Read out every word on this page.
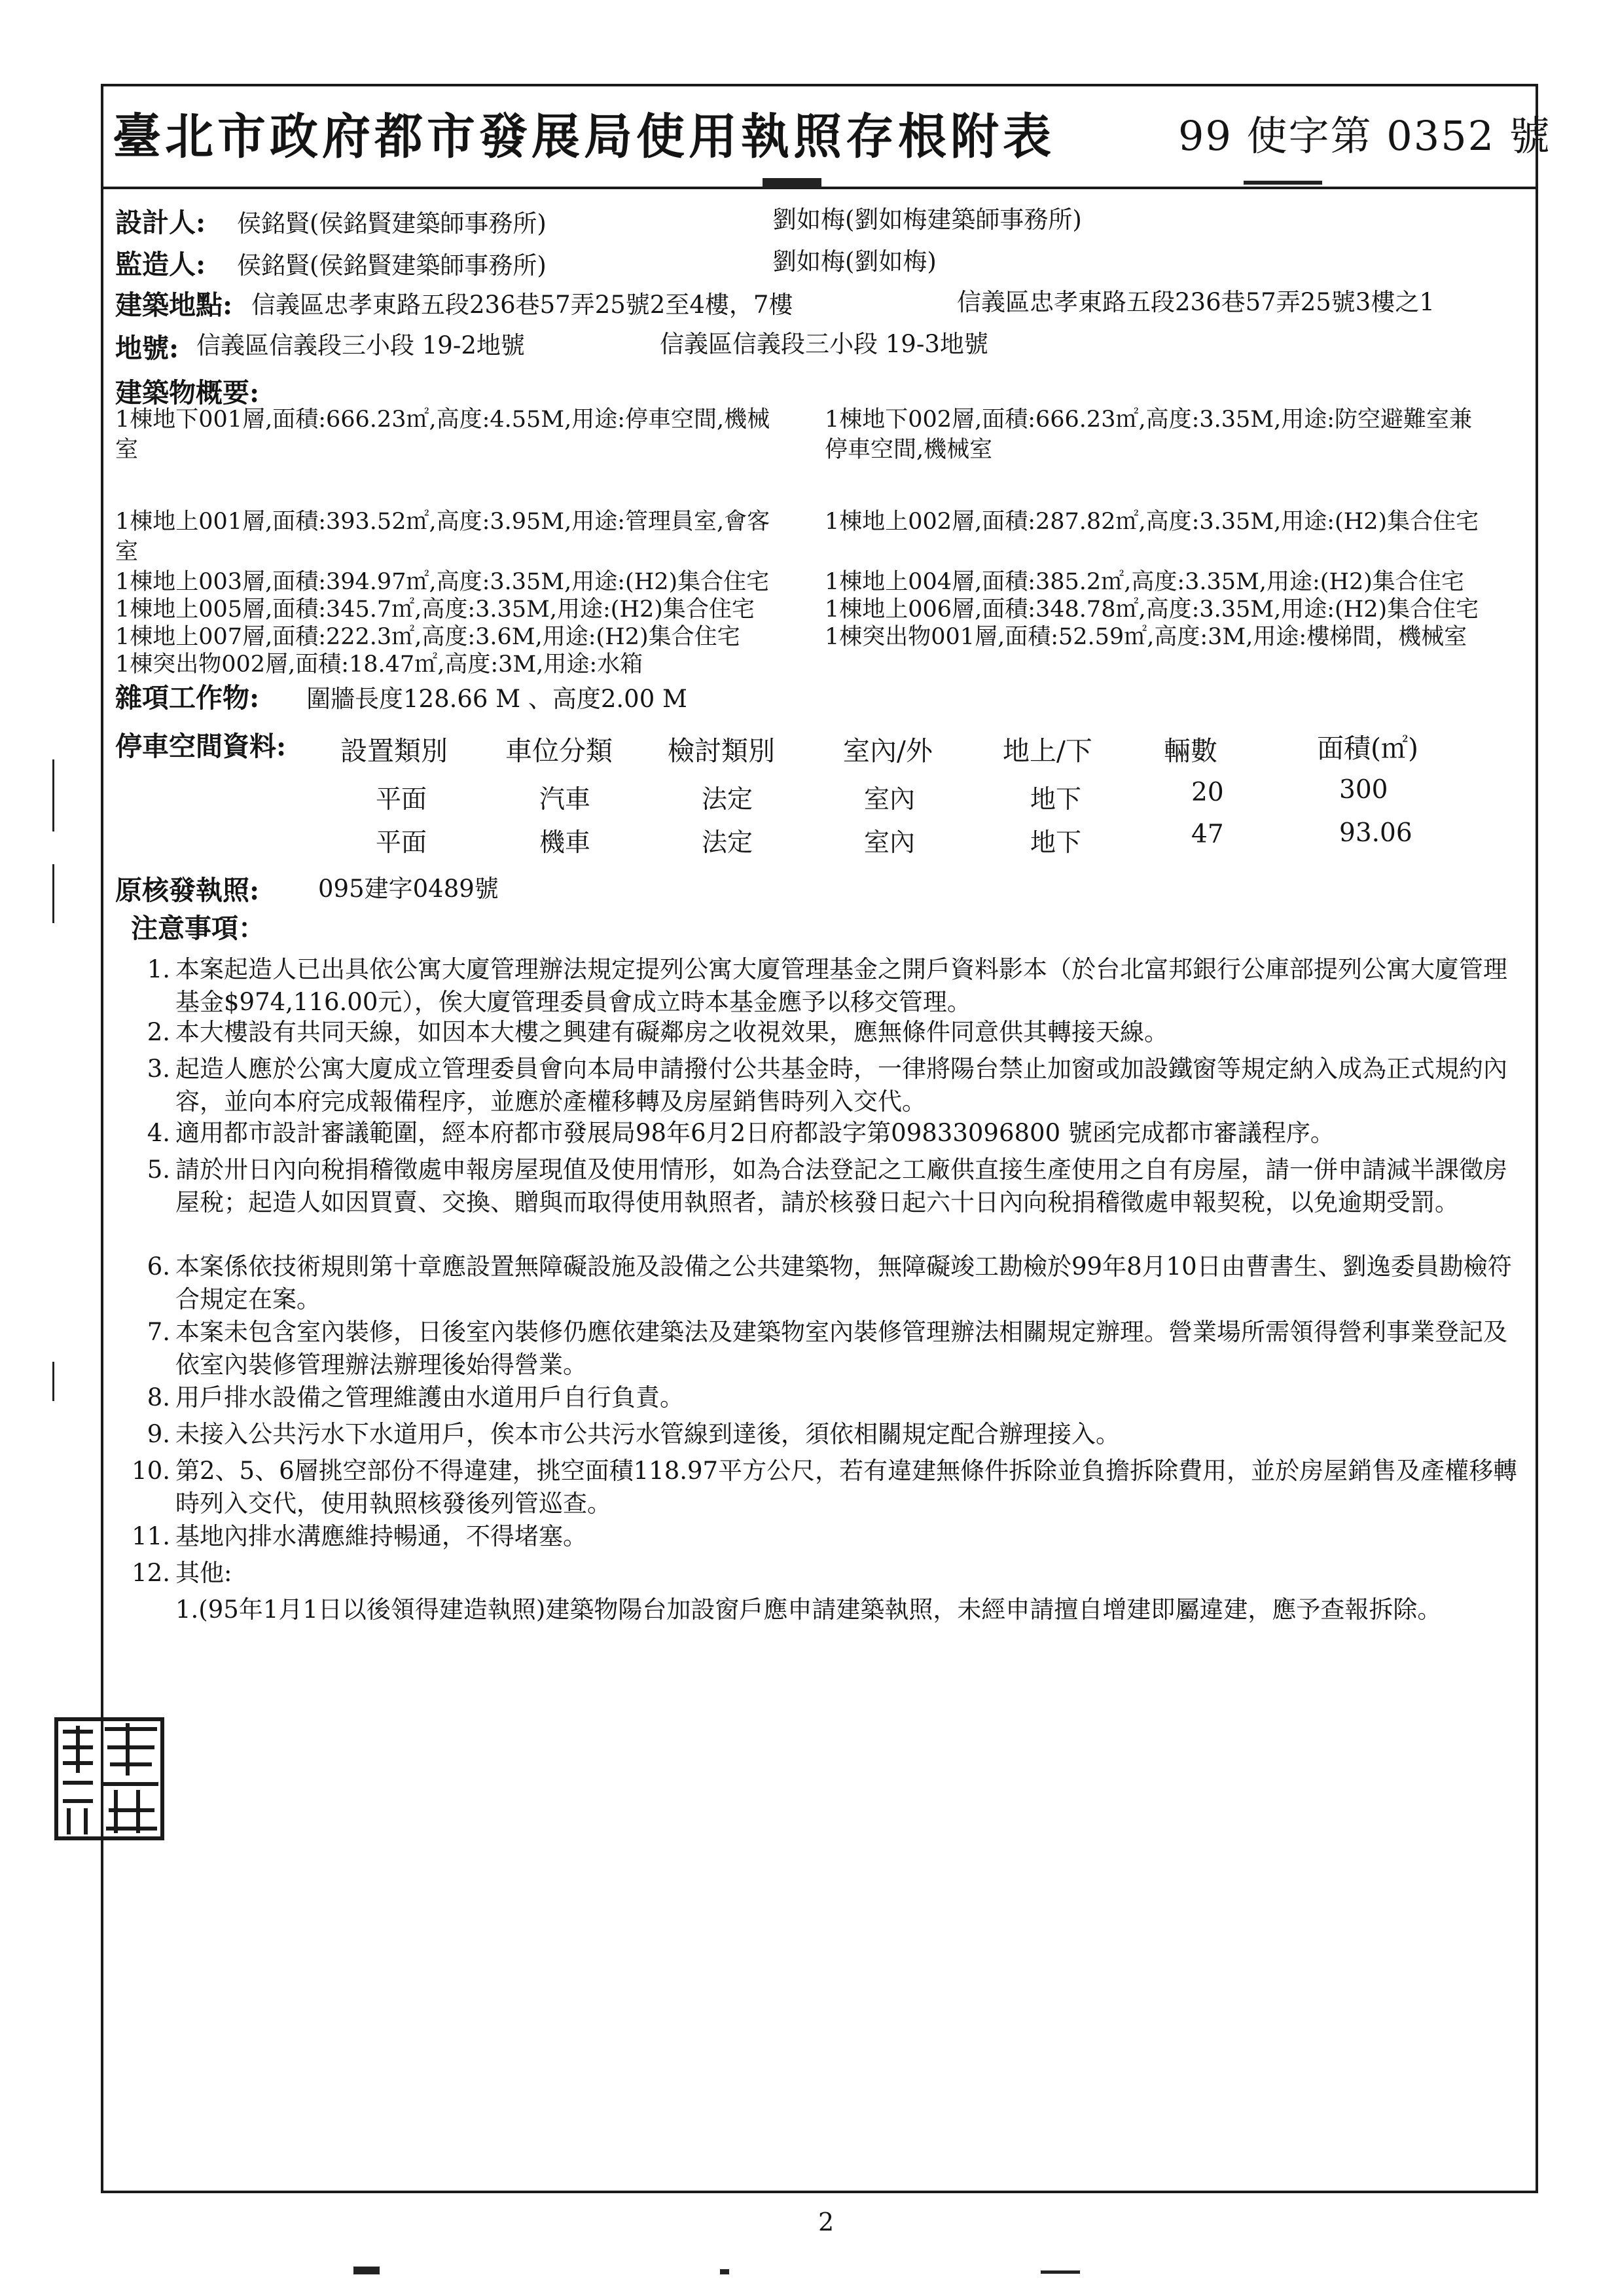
臺北市政府都市發展局使用執照存根附表	99 使字第 0352 號
設計人: 侯銘賢(侯銘賢建築師事務所)	劉如梅(劉如梅建築師事務所)
監造人: 侯銘賢(侯銘賢建築師事務所)	劉如梅(劉如梅)
建築地點: 信義區忠孝東路五段236巷57弄25號2至4樓，7樓	信義區忠孝東路五段236巷57弄25號3樓之1
地號: 信義區信義段三小段 19-2地號	信義區信義段三小段 19-3地號
建築物概要:
1棟地下001層,面積:666.23㎡,高度:4.55M,用途:停車空間,機械
室
1棟地下002層,面積:666.23㎡,高度:3.35M,用途:防空避難室兼
停車空間,機械室
1棟地上001層,面積:393.52㎡,高度:3.95M,用途:管理員室,會客
室
1棟地上002層,面積:287.82㎡,高度:3.35M,用途:(H2)集合住宅
1棟地上003層,面積:394.97㎡,高度:3.35M,用途:(H2)集合住宅 1棟地上004層,面積:385.2㎡,高度:3.35M,用途:(H2)集合住宅
1棟地上005層,面積:345.7㎡,高度:3.35M,用途:(H2)集合住宅	1棟地上006層,面積:348.78㎡,高度:3.35M,用途:(H2)集合住宅
1棟地上007層,面積:222.3㎡,高度:3.6M,用途:(H2)集合住宅	1棟突出物001層,面積:52.59㎡,高度:3M,用途:樓梯間，機械室
1棟突出物002層,面積:18.47㎡,高度:3M,用途:水箱
雜項工作物: 圍牆長度128.66 M 、高度2.00 M
停車空間資料: 設置類別 車位分類 檢討類別	室內/外	地上/下	輛數	面積(㎡)
平面	汽車	法定	室內	地下	20	300
平面	機車	法定	室內	地下	47	93.06
原核發執照: 095建字0489號
注意事項：
1. 本案起造人已出具依公寓大廈管理辦法規定提列公寓大廈管理基金之開戶資料影本（於台北富邦銀行公庫部提列公寓大廈管理基金$974,116.00元），俟大廈管理委員會成立時本基金應予以移交管理。
2. 本大樓設有共同天線，如因本大樓之興建有礙鄰房之收視效果，應無條件同意供其轉接天線。
3. 起造人應於公寓大廈成立管理委員會向本局申請撥付公共基金時，一律將陽台禁止加窗或加設鐵窗等規定納入成為正式規約內容，並向本府完成報備程序，並應於產權移轉及房屋銷售時列入交代。
4. 適用都市設計審議範圍，經本府都市發展局98年6月2日府都設字第09833096800 號函完成都市審議程序。
5. 請於卅日內向稅捐稽徵處申報房屋現值及使用情形，如為合法登記之工廠供直接生產使用之自有房屋，請一併申請減半課徵房屋稅；起造人如因買賣、交換、贈與而取得使用執照者，請於核發日起六十日內向稅捐稽徵處申報契稅，以免逾期受罰。
6. 本案係依技術規則第十章應設置無障礙設施及設備之公共建築物，無障礙竣工勘檢於99年8月10日由曹書生、劉逸委員勘檢符合規定在案。
7. 本案未包含室內裝修，日後室內裝修仍應依建築法及建築物室內裝修管理辦法相關規定辦理。營業場所需領得營利事業登記及依室內裝修管理辦法辦理後始得營業。
8. 用戶排水設備之管理維護由水道用戶自行負責。
9. 未接入公共污水下水道用戶，俟本市公共污水管線到達後，須依相關規定配合辦理接入。
10. 第2、5、6層挑空部份不得違建，挑空面積118.97平方公尺，若有違建無條件拆除並負擔拆除費用，並於房屋銷售及產權移轉時列入交代，使用執照核發後列管巡查。
11. 基地內排水溝應維持暢通，不得堵塞。
12. 其他:
1.(95年1月1日以後領得建造執照)建築物陽台加設窗戶應申請建築執照，未經申請擅自增建即屬違建，應予查報拆除。
2
